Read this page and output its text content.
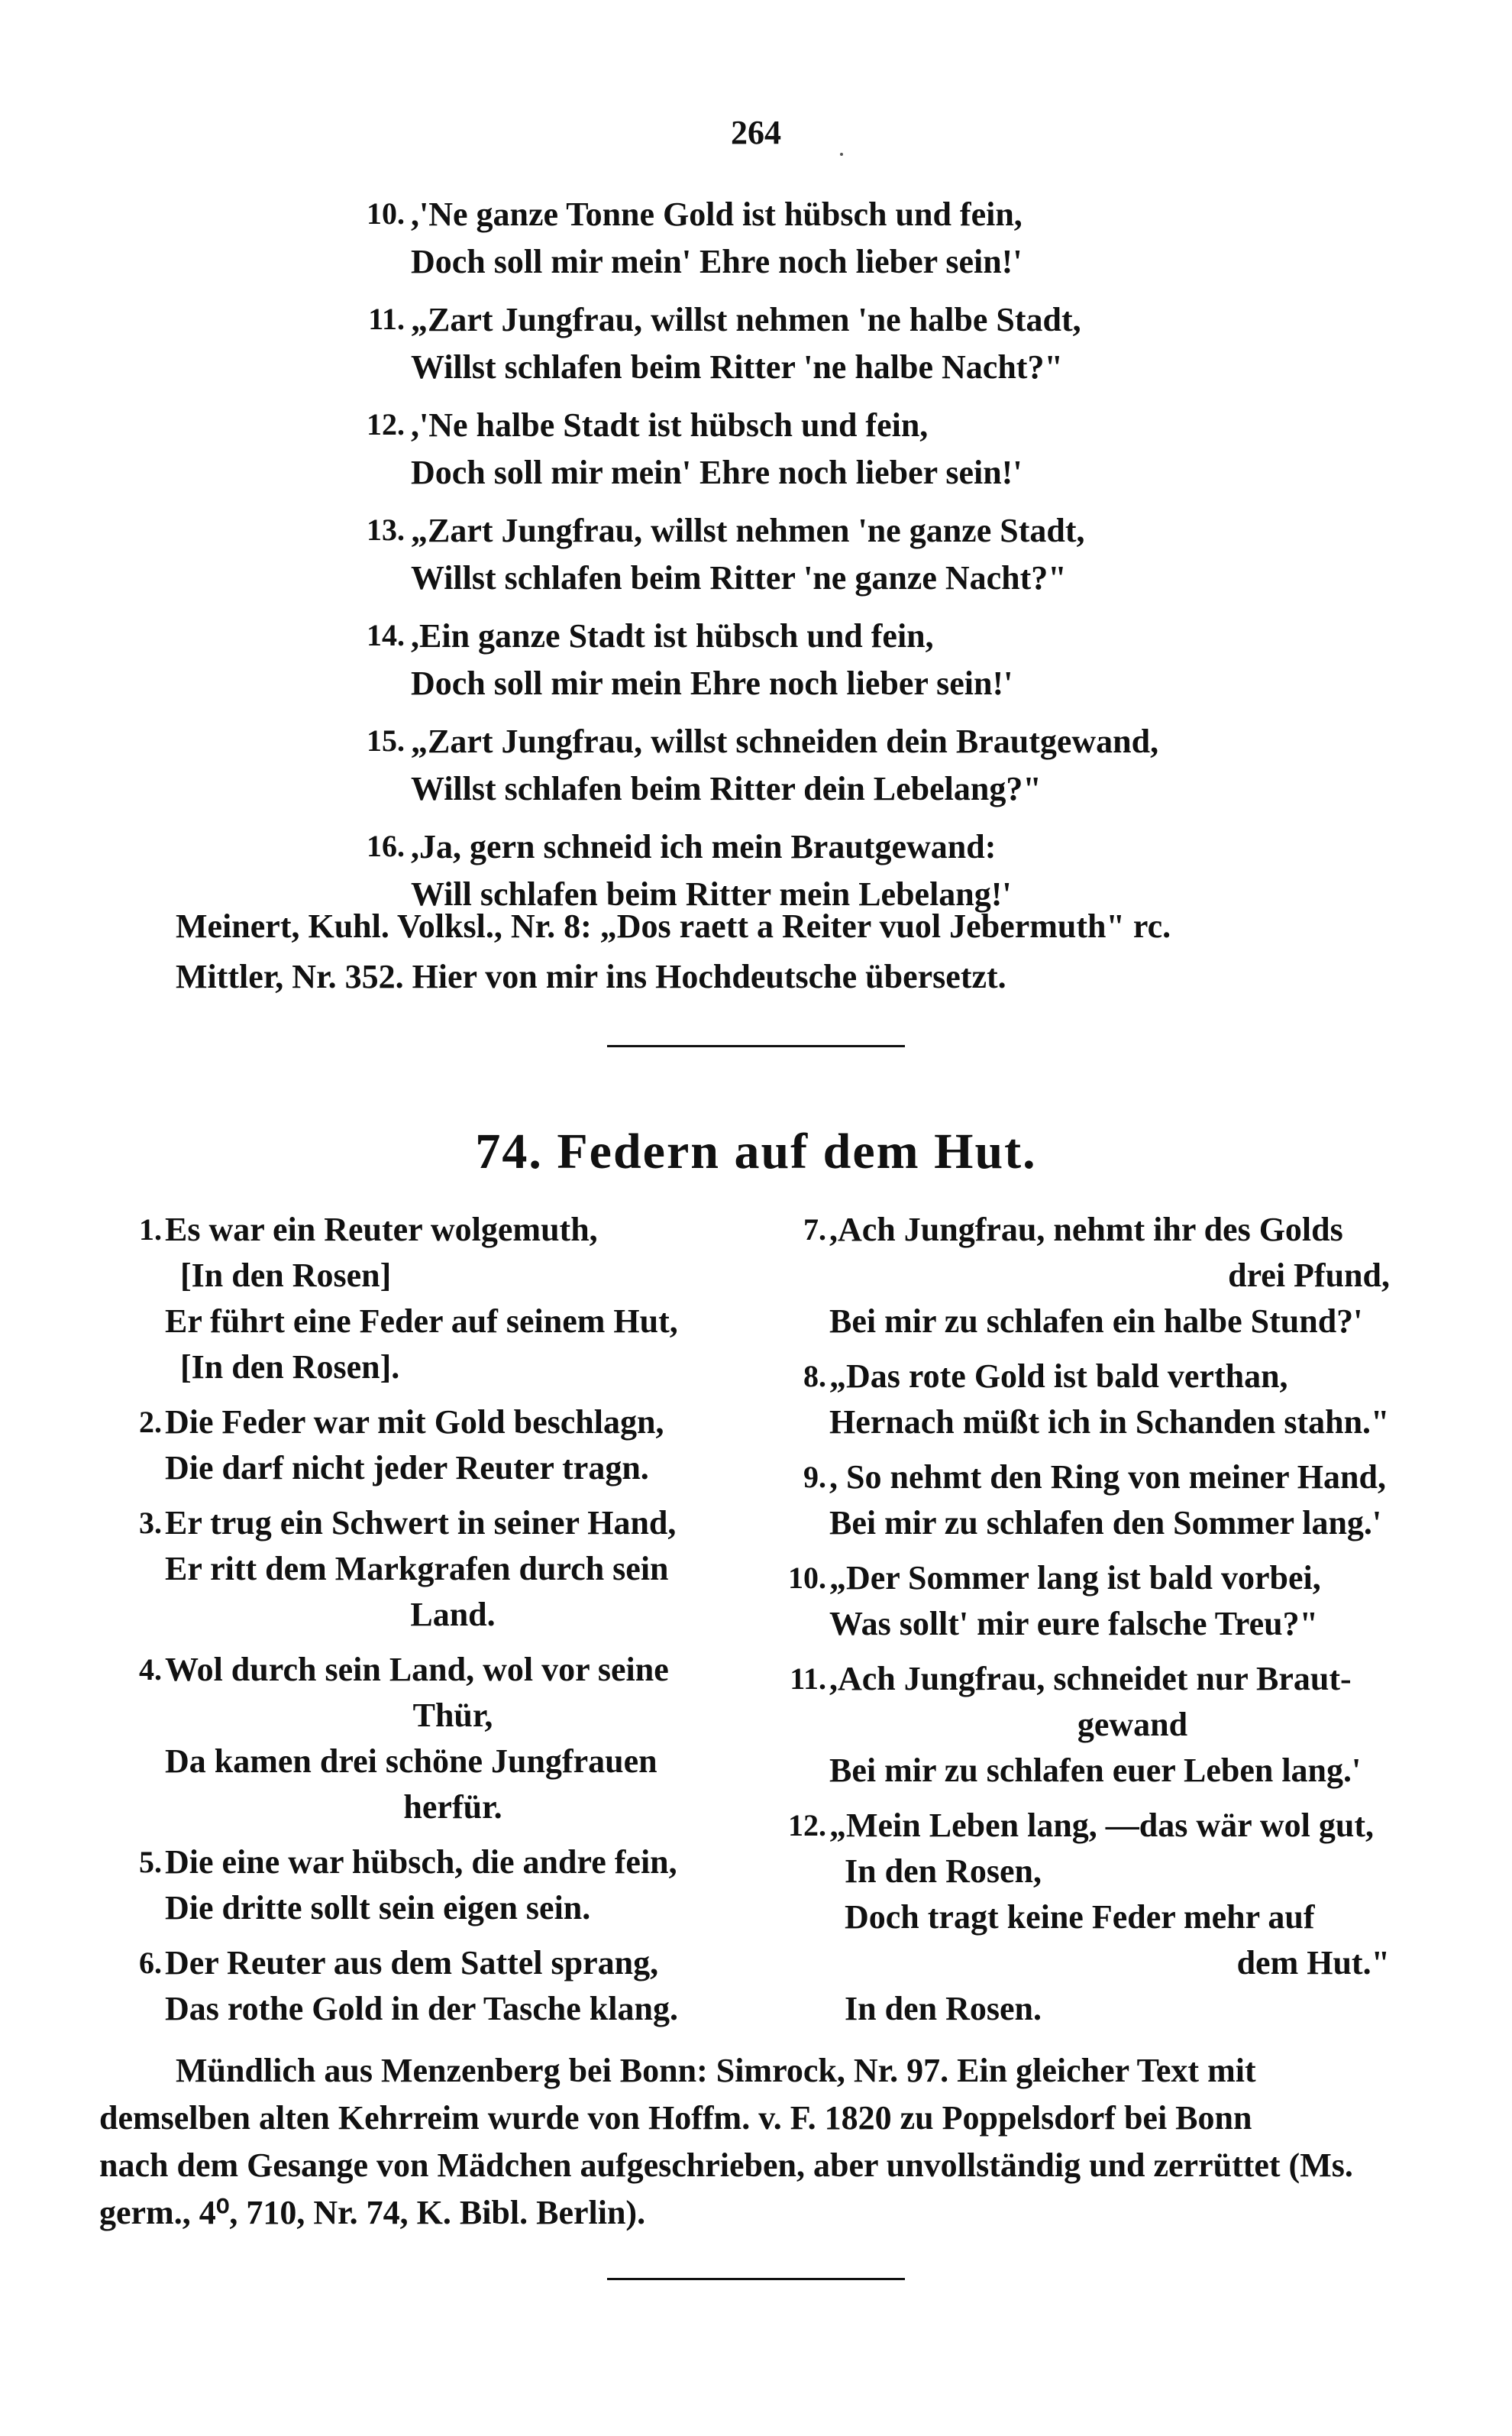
264
10. ,'Ne ganze Tonne Gold ist hübsch und fein,
Doch soll mir mein' Ehre noch lieber sein!'
11. „Zart Jungfrau, willst nehmen 'ne halbe Stadt,
Willst schlafen beim Ritter 'ne halbe Nacht?"
12. ,'Ne halbe Stadt ist hübsch und fein,
Doch soll mir mein' Ehre noch lieber sein!'
13. „Zart Jungfrau, willst nehmen 'ne ganze Stadt,
Willst schlafen beim Ritter 'ne ganze Nacht?"
14. ,Ein ganze Stadt ist hübsch und fein,
Doch soll mir mein Ehre noch lieber sein!'
15. „Zart Jungfrau, willst schneiden dein Brautgewand,
Willst schlafen beim Ritter dein Lebelang?"
16. ,Ja, gern schneid ich mein Brautgewand:
Will schlafen beim Ritter mein Lebelang!'
Meinert, Kuhl. Volksl., Nr. 8: „Dos raett a Reiter vuol Jebermuth" rc.
Mittler, Nr. 352. Hier von mir ins Hochdeutsche übersetzt.
74. Federn auf dem Hut.
1. Es war ein Reuter wolgemuth,
[In den Rosen]
Er führt eine Feder auf seinem Hut,
[In den Rosen].
2. Die Feder war mit Gold beschlagn,
Die darf nicht jeder Reuter tragn.
3. Er trug ein Schwert in seiner Hand,
Er ritt dem Markgrafen durch sein
Land.
4. Wol durch sein Land, wol vor seine
Thür,
Da kamen drei schöne Jungfrauen
herfür.
5. Die eine war hübsch, die andre fein,
Die dritte sollt sein eigen sein.
6. Der Reuter aus dem Sattel sprang,
Das rothe Gold in der Tasche klang.
7. ,Ach Jungfrau, nehmt ihr des Golds
drei Pfund,
Bei mir zu schlafen ein halbe Stund?'
8. „Das rote Gold ist bald verthan,
Hernach müßt ich in Schanden stahn."
9. , So nehmt den Ring von meiner Hand,
Bei mir zu schlafen den Sommer lang.'
10. „Der Sommer lang ist bald vorbei,
Was sollt' mir eure falsche Treu?"
11. ,Ach Jungfrau, schneidet nur Braut-
gewand
Bei mir zu schlafen euer Leben lang.'
12. „Mein Leben lang, —das wär wol gut,
In den Rosen,
Doch tragt keine Feder mehr auf
dem Hut."
In den Rosen.
Mündlich aus Menzenberg bei Bonn: Simrock, Nr. 97. Ein gleicher Text mit
demselben alten Kehrreim wurde von Hoffm. v. F. 1820 zu Poppelsdorf bei Bonn
nach dem Gesange von Mädchen aufgeschrieben, aber unvollständig und zerrüttet (Ms.
germ., 4⁰, 710, Nr. 74, K. Bibl. Berlin).
